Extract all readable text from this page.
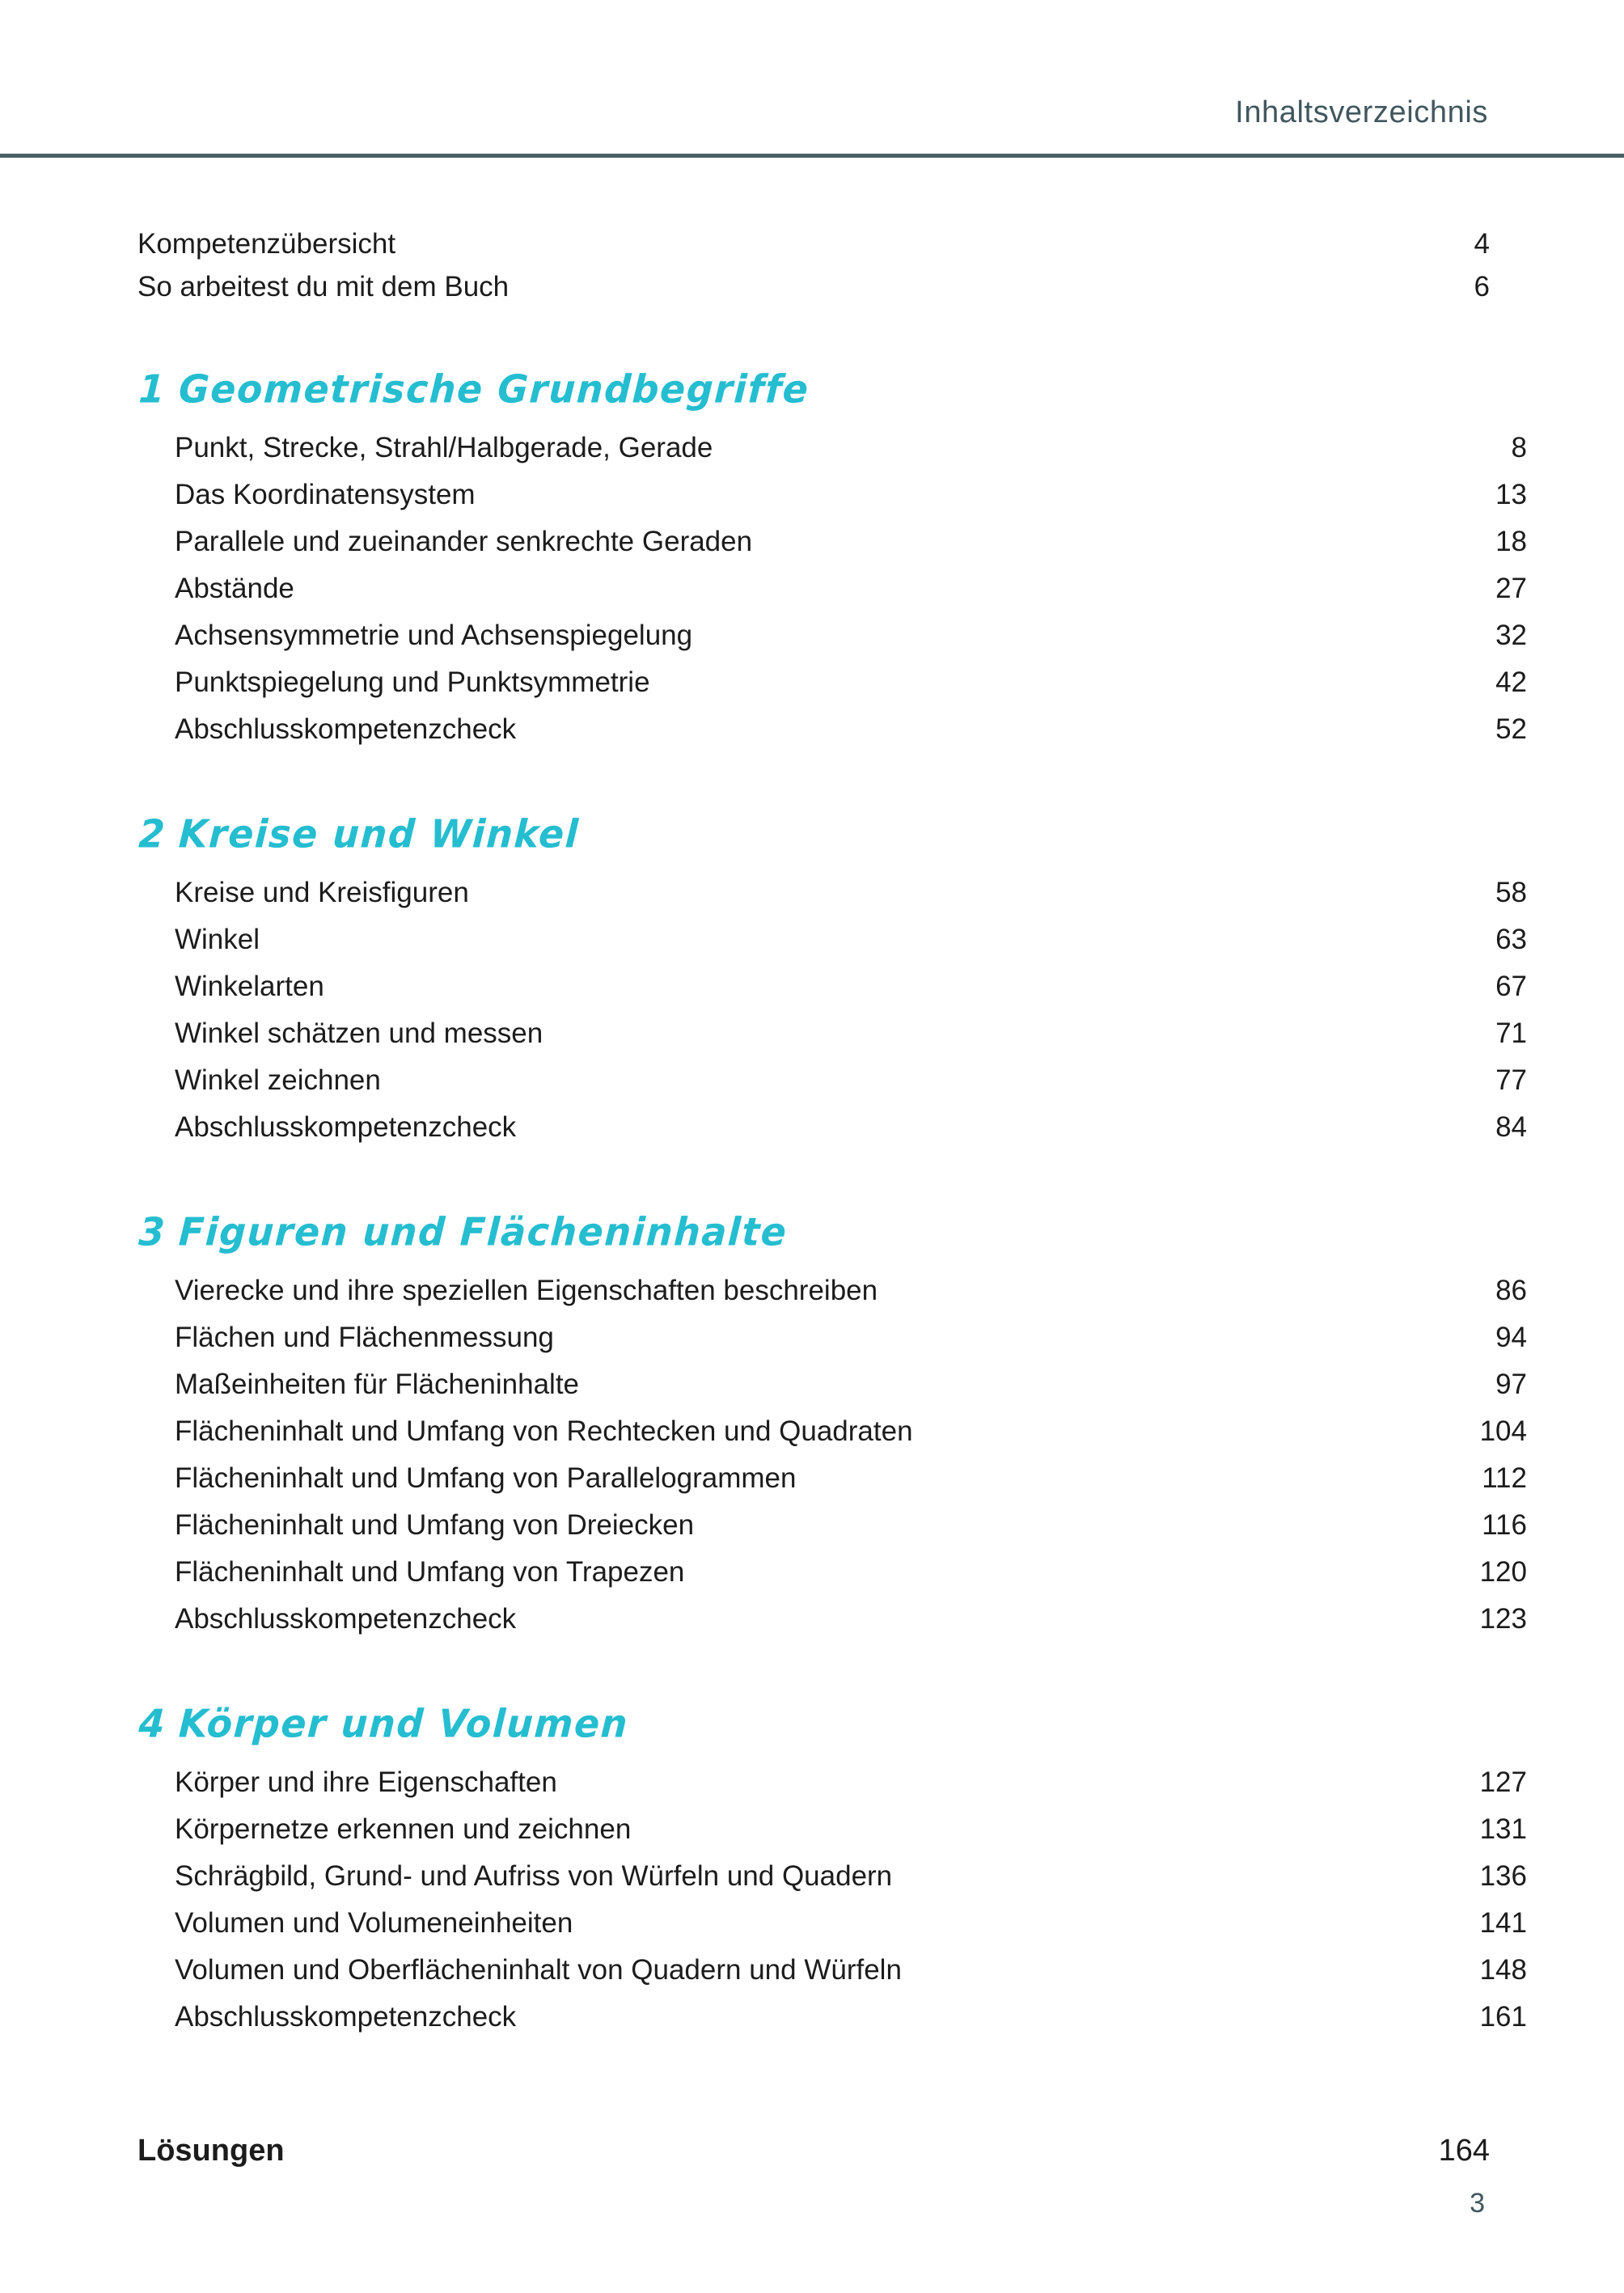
Inhaltsverzeichnis
Kompetenzübersicht	4
So arbeitest du mit dem Buch	6
1 Geometrische Grundbegriffe
Punkt, Strecke, Strahl/Halbgerade, Gerade	8
Das Koordinatensystem	13
Parallele und zueinander senkrechte Geraden	18
Abstände	27
Achsensymmetrie und Achsenspiegelung	32
Punktspiegelung und Punktsymmetrie	42
Abschlusskompetenzcheck	52
2 Kreise und Winkel
Kreise und Kreisfiguren	58
Winkel	63
Winkelarten	67
Winkel schätzen und messen	71
Winkel zeichnen	77
Abschlusskompetenzcheck	84
3 Figuren und Flächeninhalte
Vierecke und ihre speziellen Eigenschaften beschreiben	86
Flächen und Flächenmessung	94
Maßeinheiten für Flächeninhalte	97
Flächeninhalt und Umfang von Rechtecken und Quadraten	104
Flächeninhalt und Umfang von Parallelogrammen	112
Flächeninhalt und Umfang von Dreiecken	116
Flächeninhalt und Umfang von Trapezen	120
Abschlusskompetenzcheck	123
4 Körper und Volumen
Körper und ihre Eigenschaften	127
Körpernetze erkennen und zeichnen	131
Schrägbild, Grund- und Aufriss von Würfeln und Quadern	136
Volumen und Volumeneinheiten	141
Volumen und Oberflächeninhalt von Quadern und Würfeln	148
Abschlusskompetenzcheck	161
Lösungen	164
3
